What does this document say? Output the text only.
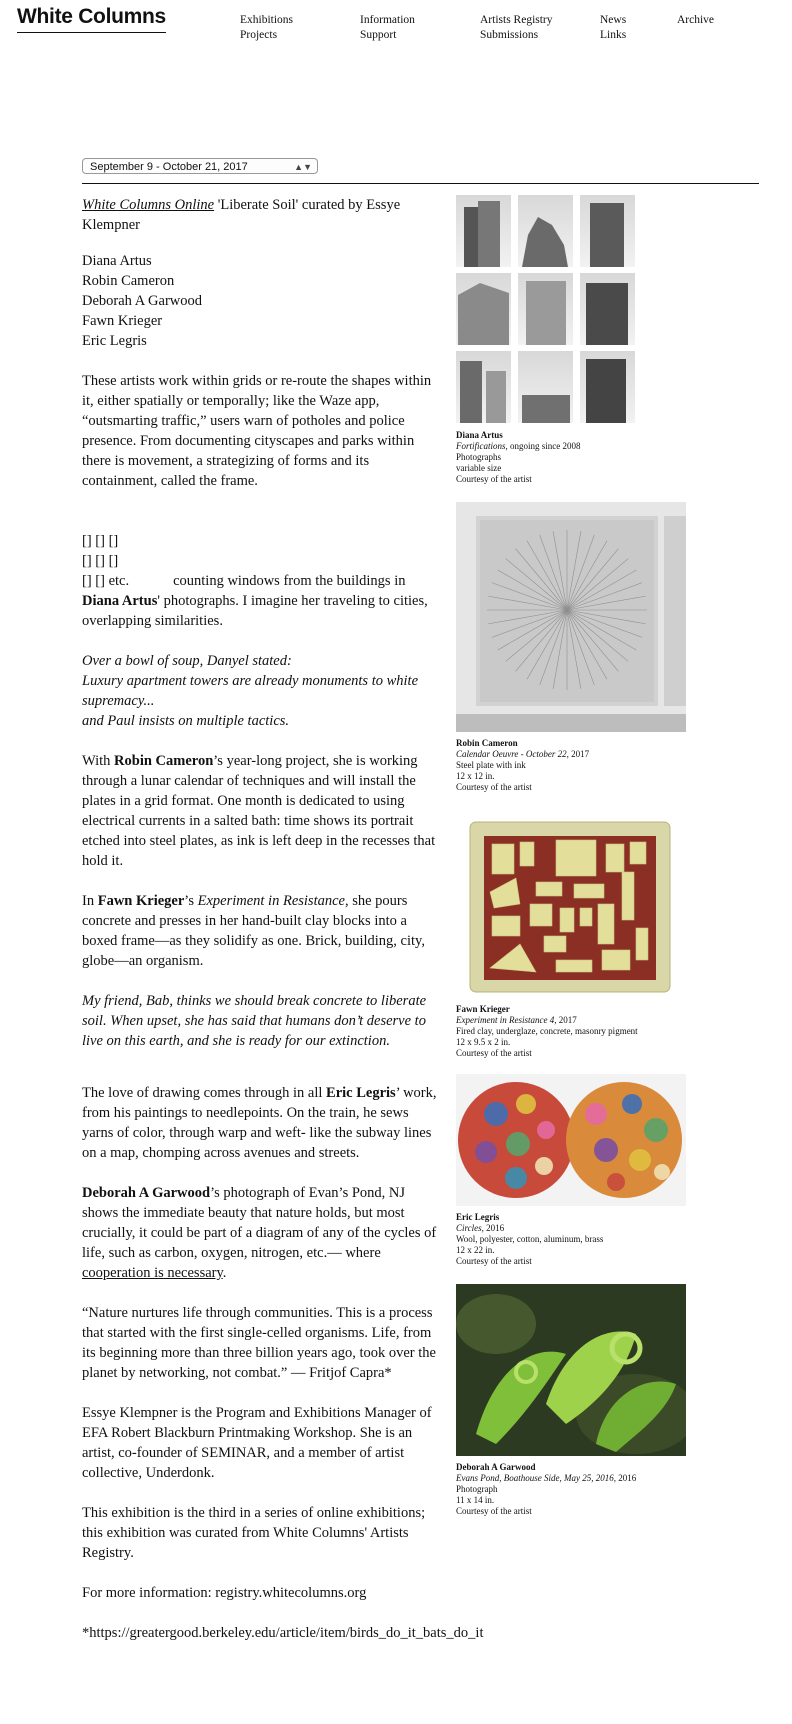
White Columns	Exhibitions
Projects
Information
Support
Artists Registry
Submissions
News
Links
Archive
September 9 - October 21, 2017	▲▼

White Columns Online 'Liberate Soil' curated by Essye Klempner

Diana Artus
Robin Cameron
Deborah A Garwood
Fawn Krieger
Eric Legris

These artists work within grids or re-route the shapes within it, either spatially or temporally; like the Waze app, “outsmarting traffic,” users warn of potholes and police presence. From documenting cityscapes and parks within there is movement, a strategizing of forms and its containment, called the frame.

[] [] []
[] [] []
[] [] etc.	counting windows from the buildings in
Diana Artus' photographs. I imagine her traveling to cities, overlapping similarities.
Over a bowl of soup, Danyel stated:
Luxury apartment towers are already monuments to white supremacy...
and Paul insists on multiple tactics.

With Robin Cameron’s year-long project, she is working through a lunar calendar of techniques and will install the plates in a grid format. One month is dedicated to using electrical currents in a salted bath: time shows its portrait etched into steel plates, as ink is left deep in the recesses that hold it.

In Fawn Krieger’s Experiment in Resistance, she pours concrete and presses in her hand-built clay blocks into a boxed frame—as they solidify as one. Brick, building, city, globe—an organism.

My friend, Bab, thinks we should break concrete to liberate soil. When upset, she has said that humans don’t deserve to live on this earth, and she is ready for our extinction.

The love of drawing comes through in all Eric Legris’ work, from his paintings to needlepoints. On the train, he sews yarns of color, through warp and weft- like the subway lines on a map, chomping across avenues and streets.

Deborah A Garwood’s photograph of Evan’s Pond, NJ shows the immediate beauty that nature holds, but most crucially, it could be part of a diagram of any of the cycles of life, such as carbon, oxygen, nitrogen, etc.— where cooperation is necessary.

“Nature nurtures life through communities. This is a process that started with the first single-celled organisms. Life, from its beginning more than three billion years ago, took over the planet by networking, not combat.” — Fritjof Capra*

Essye Klempner is the Program and Exhibitions Manager of EFA Robert Blackburn Printmaking Workshop. She is an artist, co-founder of SEMINAR, and a member of artist collective, Underdonk.

This exhibition is the third in a series of online exhibitions; this exhibition was curated from White Columns' Artists Registry.

For more information: registry.whitecolumns.org

*https://greatergood.berkeley.edu/article/item/birds_do_it_bats_do_it

Diana Artus
Fortifications, ongoing since 2008
Photographs
variable size
Courtesy of the artist
Robin Cameron
Calendar Oeuvre - October 22, 2017
Steel plate with ink
12 x 12 in.
Courtesy of the artist
Fawn Krieger
Experiment in Resistance 4, 2017
Fired clay, underglaze, concrete, masonry pigment
12 x 9.5 x 2 in.
Courtesy of the artist
Eric Legris
Circles, 2016
Wool, polyester, cotton, aluminum, brass
12 x 22 in.
Courtesy of the artist
Deborah A Garwood
Evans Pond, Boathouse Side, May 25, 2016, 2016
Photograph
11 x 14 in.
Courtesy of the artist
